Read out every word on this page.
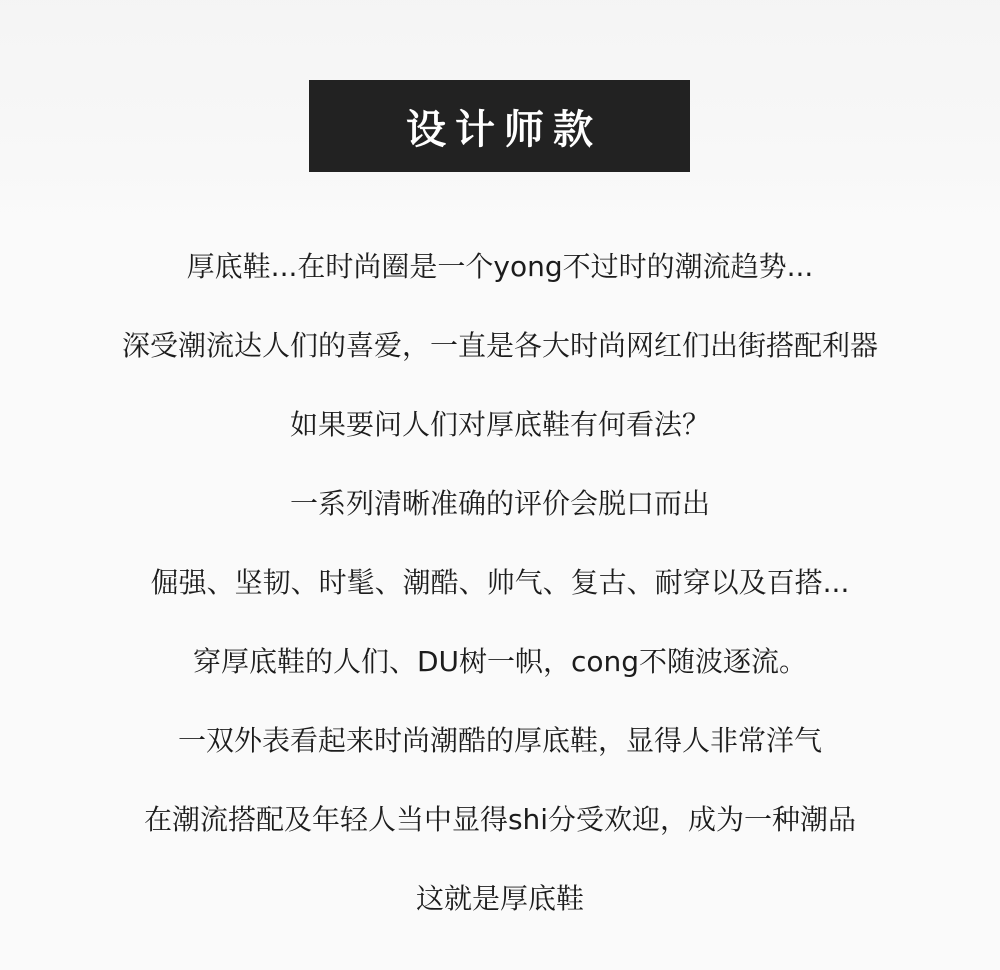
设计师款
厚底鞋...在时尚圈是一个yong不过时的潮流趋势...
深受潮流达人们的喜爱，一直是各大时尚网红们出街搭配利器
如果要问人们对厚底鞋有何看法？
一系列清晰准确的评价会脱口而出
倔强、坚韧、时髦、潮酷、帅气、复古、耐穿以及百搭...
穿厚底鞋的人们、DU树一帜，cong不随波逐流。
一双外表看起来时尚潮酷的厚底鞋，显得人非常洋气
在潮流搭配及年轻人当中显得shi分受欢迎，成为一种潮品
这就是厚底鞋
